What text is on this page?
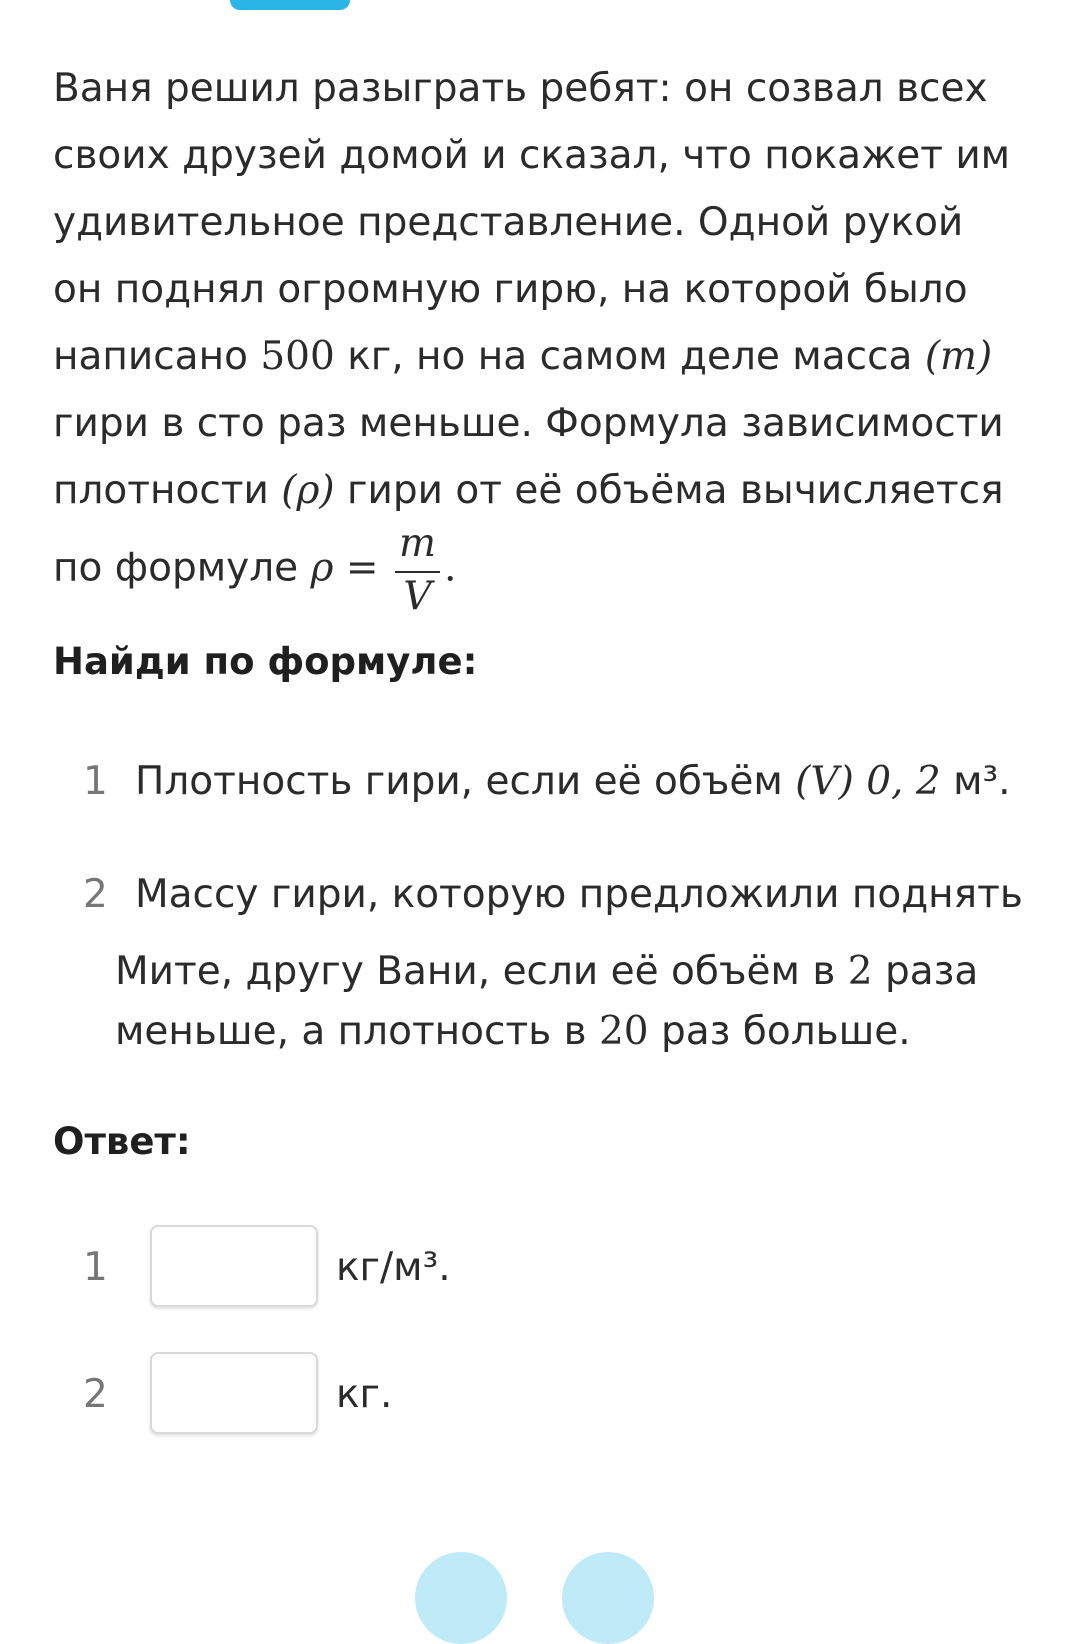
Ваня решил разыграть ребят: он созвал всех своих друзей домой и сказал, что покажет им удивительное представление. Одной рукой он поднял огромную гирю, на которой было написано 500 кг, но на самом деле масса (m) гири в сто раз меньше. Формула зависимости плотности (ρ) гири от её объёма вычисляется по формуле $\rho = \frac{m}{V}$ .

Найди по формуле:
1 Плотность гири, если её объём (V) 0, 2 м³.
2 Массу гири, которую предложили поднять
Мите, другу Вани, если её объём в 2 раза меньше, а плотность в 20 раз больше.
Ответ:
1	кг/м³.
2	кг.
